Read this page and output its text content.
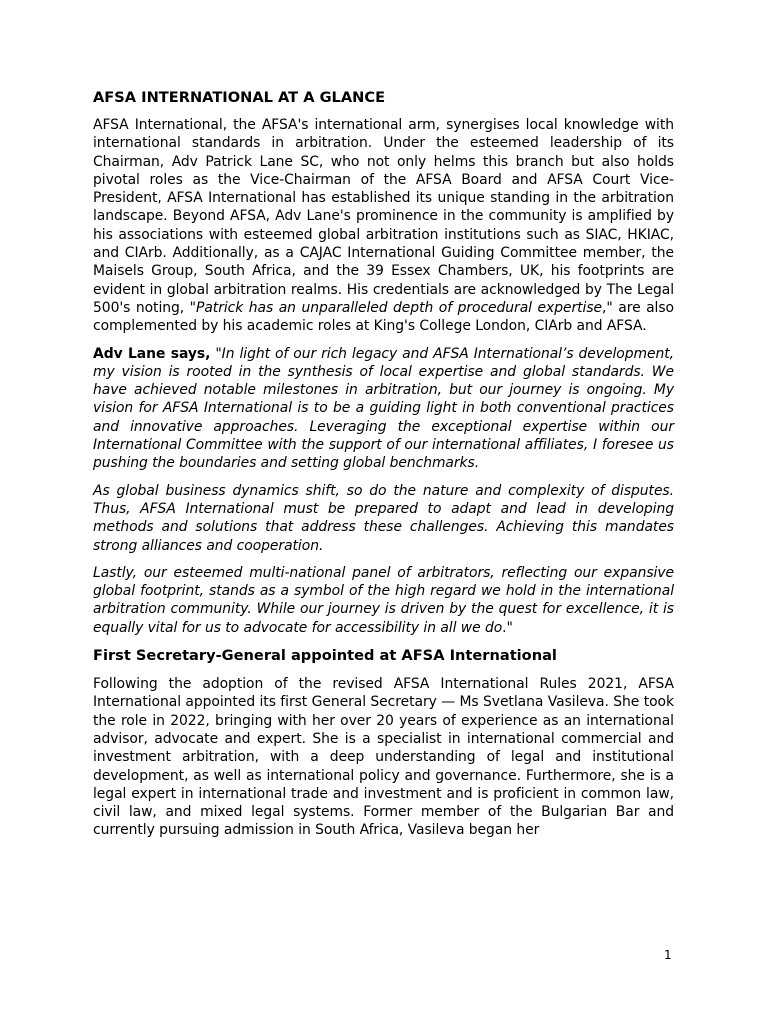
AFSA INTERNATIONAL AT A GLANCE

AFSA International, the AFSA's international arm, synergises local knowledge with international standards in arbitration. Under the esteemed leadership of its Chairman, Adv Patrick Lane SC, who not only helms this branch but also holds pivotal roles as the Vice-Chairman of the AFSA Board and AFSA Court Vice-President, AFSA International has established its unique standing in the arbitration landscape. Beyond AFSA, Adv Lane's prominence in the community is amplified by his associations with esteemed global arbitration institutions such as SIAC, HKIAC, and CIArb. Additionally, as a CAJAC International Guiding Committee member, the Maisels Group, South Africa, and the 39 Essex Chambers, UK, his footprints are evident in global arbitration realms. His credentials are acknowledged by The Legal 500's noting, "Patrick has an unparalleled depth of procedural expertise," are also complemented by his academic roles at King's College London, CIArb and AFSA.

Adv Lane says, "In light of our rich legacy and AFSA International’s development, my vision is rooted in the synthesis of local expertise and global standards. We have achieved notable milestones in arbitration, but our journey is ongoing. My vision for AFSA International is to be a guiding light in both conventional practices and innovative approaches. Leveraging the exceptional expertise within our International Committee with the support of our international affiliates, I foresee us pushing the boundaries and setting global benchmarks.

As global business dynamics shift, so do the nature and complexity of disputes. Thus, AFSA International must be prepared to adapt and lead in developing methods and solutions that address these challenges. Achieving this mandates strong alliances and cooperation.

Lastly, our esteemed multi-national panel of arbitrators, reflecting our expansive global footprint, stands as a symbol of the high regard we hold in the international arbitration community. While our journey is driven by the quest for excellence, it is equally vital for us to advocate for accessibility in all we do."

First Secretary-General appointed at AFSA International

Following the adoption of the revised AFSA International Rules 2021, AFSA International appointed its first General Secretary — Ms Svetlana Vasileva. She took the role in 2022, bringing with her over 20 years of experience as an international advisor, advocate and expert. She is a specialist in international commercial and investment arbitration, with a deep understanding of legal and institutional development, as well as international policy and governance. Furthermore, she is a legal expert in international trade and investment and is proficient in common law, civil law, and mixed legal systems. Former member of the Bulgarian Bar and currently pursuing admission in South Africa, Vasileva began her

1
